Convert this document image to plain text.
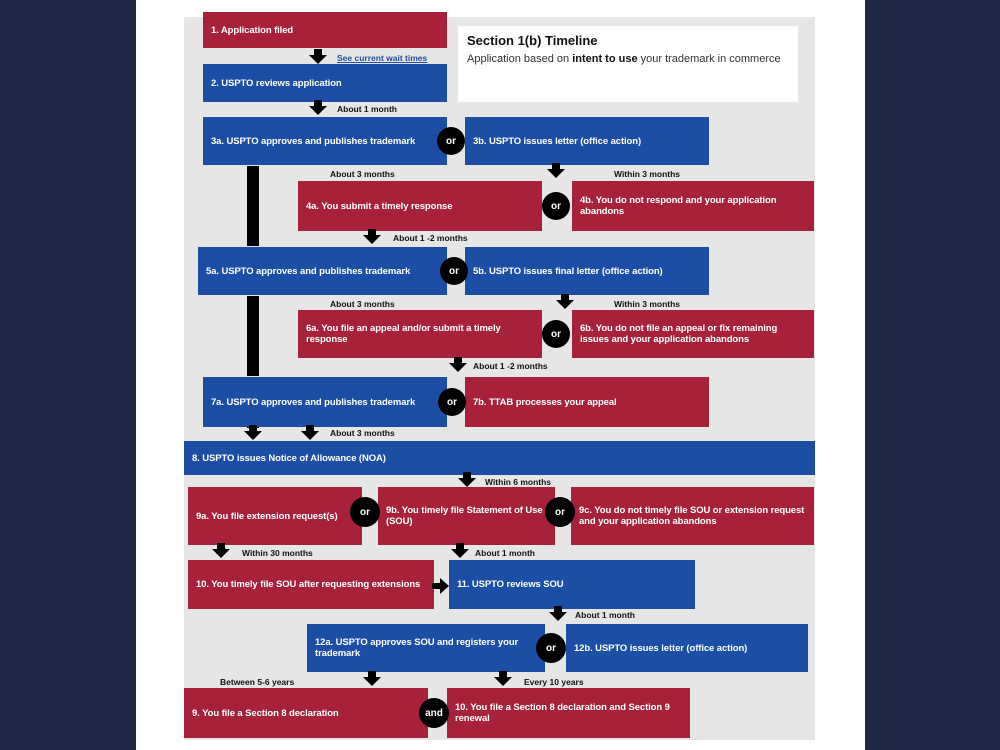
Section 1(b) Timeline
Application based on intent to use your trademark in commerce
1. Application filed
See current wait times
2. USPTO reviews application
About 1 month
3a. USPTO approves and publishes trademark	or	3b. USPTO issues letter (office action)
About 3 months	Within 3 months
4a. You submit a timely response	or	4b. You do not respond and your application abandons
About 1 -2 months
5a. USPTO approves and publishes trademark	or	5b. USPTO issues final letter (office action)
About 3 months	Within 3 months
6a. You file an appeal and/or submit a timely response	or	6b. You do not file an appeal or fix remaining issues and your application abandons
About 1 -2 months
7a. USPTO approves and publishes trademark	or	7b. TTAB processes your appeal
About 3 months
8. USPTO issues Notice of Allowance (NOA)
Within 6 months
9a. You file extension request(s)	or	9b. You timely file Statement of Use (SOU)
or	9c. You do not timely file SOU or extension request and your application abandons
Within 30 months	About 1 month
10. You timely file SOU after requesting extensions	11. USPTO reviews SOU
About 1 month
12a. USPTO approves SOU and registers your trademark	or	12b. USPTO issues letter (office action)
Between 5-6 years	Every 10 years
9. You file a Section 8 declaration	and	10. You file a Section 8 declaration and Section 9 renewal
